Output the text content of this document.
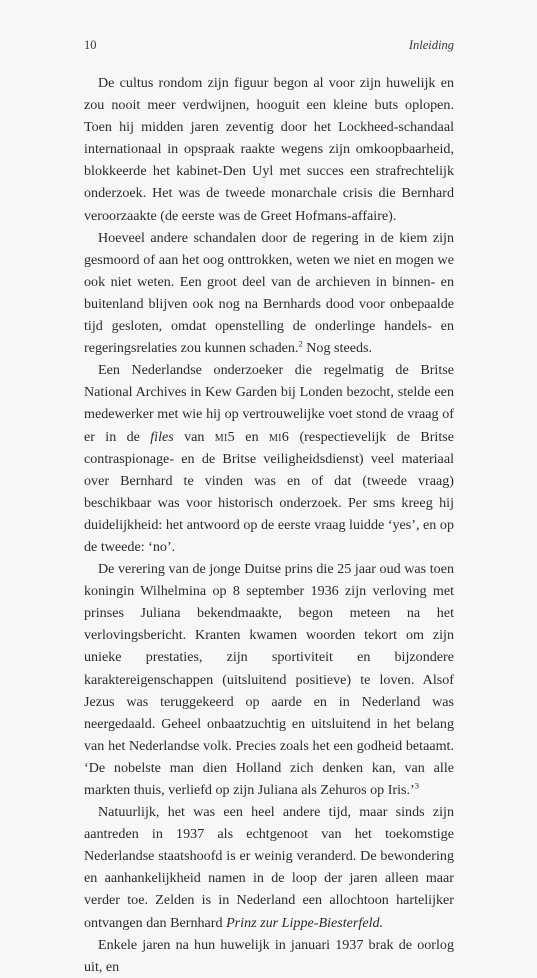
10	Inleiding

De cultus rondom zijn figuur begon al voor zijn huwelijk en zou nooit meer verdwijnen, hooguit een kleine buts oplopen. Toen hij midden jaren zeventig door het Lockheed-schandaal internationaal in opspraak raakte wegens zijn omkoopbaarheid, blokkeerde het kabinet-Den Uyl met succes een strafrechtelijk onderzoek. Het was de tweede monarchale crisis die Bernhard veroorzaakte (de eerste was de Greet Hofmans-affaire).

Hoeveel andere schandalen door de regering in de kiem zijn gesmoord of aan het oog onttrokken, weten we niet en mogen we ook niet weten. Een groot deel van de archieven in binnen- en buitenland blijven ook nog na Bernhards dood voor onbepaalde tijd gesloten, omdat openstelling de onderlinge handels- en regeringsrelaties zou kunnen schaden.$^2$ Nog steeds.

Een Nederlandse onderzoeker die regelmatig de Britse National Archives in Kew Garden bij Londen bezocht, stelde een medewerker met wie hij op vertrouwelijke voet stond de vraag of er in de files van mi5 en mi6 (respectievelijk de Britse contraspionage- en de Britse veiligheidsdienst) veel materiaal over Bernhard te vinden was en of dat (tweede vraag) beschikbaar was voor historisch onderzoek. Per sms kreeg hij duidelijkheid: het antwoord op de eerste vraag luidde ‘yes’, en op de tweede: ‘no’.

De verering van de jonge Duitse prins die 25 jaar oud was toen koningin Wilhelmina op 8 september 1936 zijn verloving met prinses Juliana bekendmaakte, begon meteen na het verlovingsbericht. Kranten kwamen woorden tekort om zijn unieke prestaties, zijn sportiviteit en bijzondere karaktereigenschappen (uitsluitend positieve) te loven. Alsof Jezus was teruggekeerd op aarde en in Nederland was neergedaald. Geheel onbaatzuchtig en uitsluitend in het belang van het Nederlandse volk. Precies zoals het een godheid betaamt. ‘De nobelste man dien Holland zich denken kan, van alle markten thuis, verliefd op zijn Juliana als Zehuros op Iris.’$^3$

Natuurlijk, het was een heel andere tijd, maar sinds zijn aantreden in 1937 als echtgenoot van het toekomstige Nederlandse staatshoofd is er weinig veranderd. De bewondering en aanhankelijkheid namen in de loop der jaren alleen maar verder toe. Zelden is in Nederland een allochtoon hartelijker ontvangen dan Bernhard Prinz zur Lippe-Biesterfeld.

Enkele jaren na hun huwelijk in januari 1937 brak de oorlog uit, en
